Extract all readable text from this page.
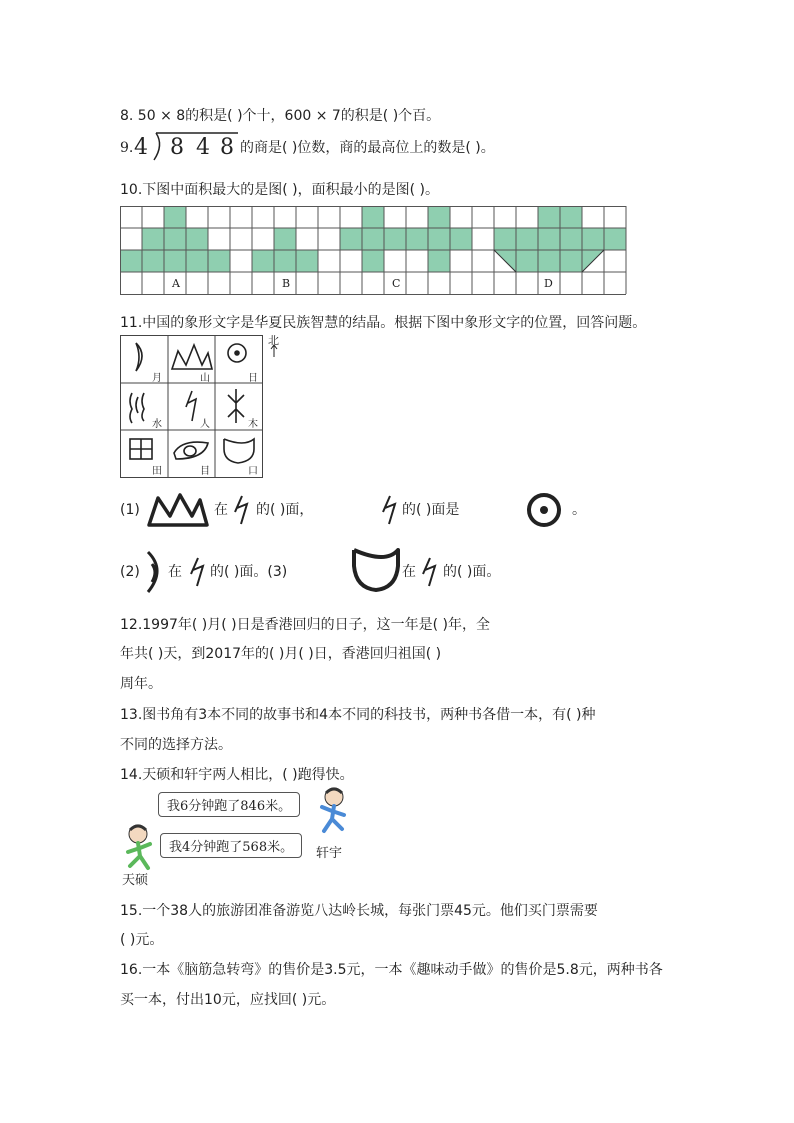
8. 50 × 8的积是( )个十，600 × 7的积是( )个百。
9. 4 8 4 8 的商是( )位数，商的最高位上的数是( )。
10.下图中面积最大的是图( )，面积最小的是图( )。
A	B	C	D
11.中国的象形文字是华夏民族智慧的结晶。根据下图中象形文字的位置，回答问题。
北
月	山	日
水	人	木
田	目	口
(1)	在 的( )面，	的( )面是	。
(2) 在 的( )面。(3)	在 的( )面。
12.1997年( )月( )日是香港回归的日子，这一年是( )年，全
年共( )天，到2017年的( )月( )日，香港回归祖国( )
周年。
13.图书角有3本不同的故事书和4本不同的科技书，两种书各借一本，有( )种
不同的选择方法。
14.天硕和轩宇两人相比，( )跑得快。
我6分钟跑了846米。
我4分钟跑了568米。	轩宇
天硕
15.一个38人的旅游团准备游览八达岭长城，每张门票45元。他们买门票需要
( )元。
16.一本《脑筋急转弯》的售价是3.5元，一本《趣味动手做》的售价是5.8元，两种书各
买一本，付出10元，应找回( )元。
